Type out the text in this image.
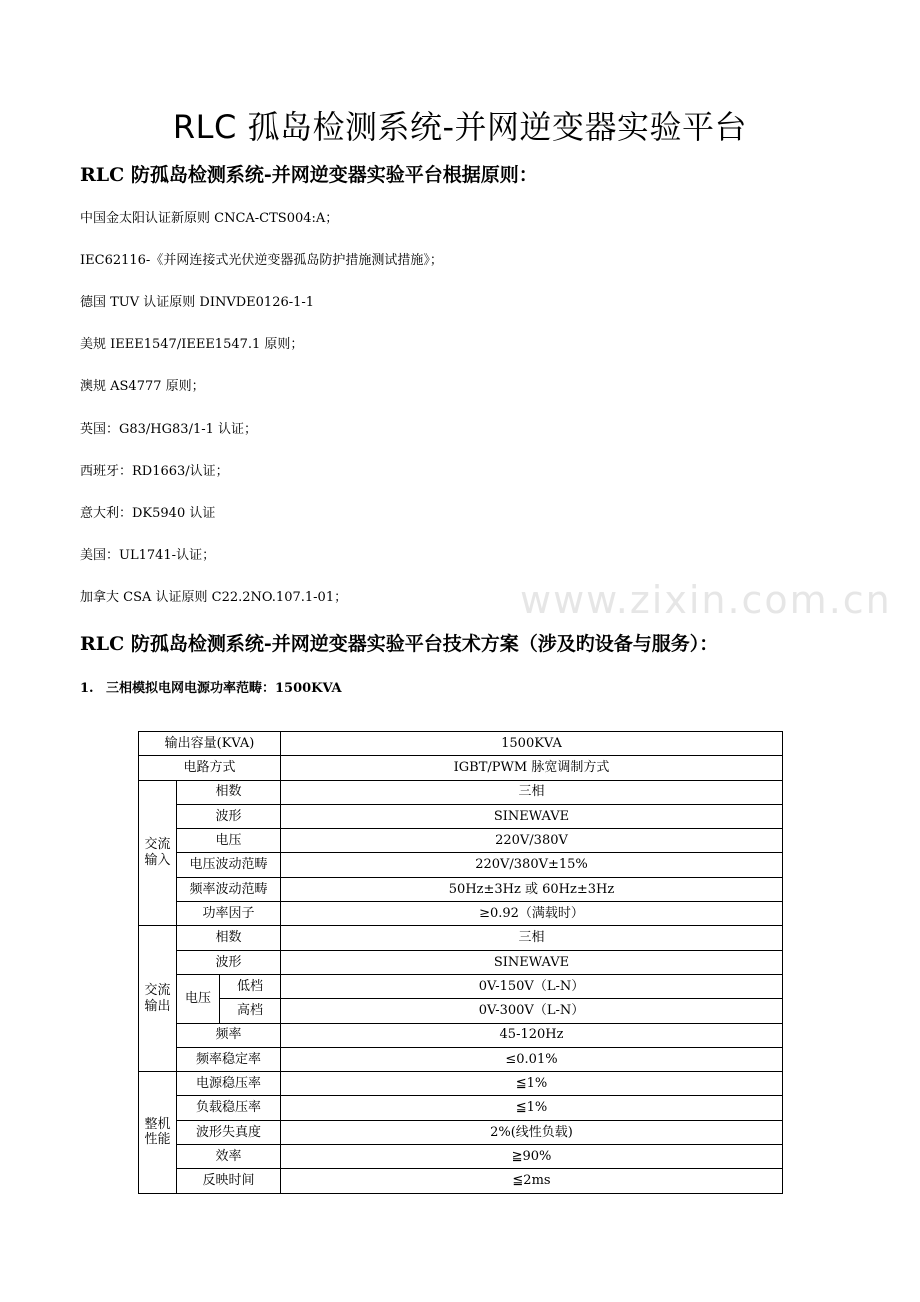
www.zixin.com.cn
RLC 孤岛检测系统-并网逆变器实验平台
RLC 防孤岛检测系统-并网逆变器实验平台根据原则：
中国金太阳认证新原则 CNCA-CTS004:A；
IEC62116-《并网连接式光伏逆变器孤岛防护措施测试措施》；
德国 TUV 认证原则 DINVDE0126-1-1
美规 IEEE1547/IEEE1547.1 原则；
澳规 AS4777 原则；
英国：G83/HG83/1-1 认证；
西班牙：RD1663/认证；
意大利：DK5940 认证
美国：UL1741-认证；
加拿大 CSA 认证原则 C22.2NO.107.1-01；
RLC 防孤岛检测系统-并网逆变器实验平台技术方案（涉及旳设备与服务）：
1. 三相模拟电网电源功率范畴：1500KVA
输出容量(KVA)			1500KVA
电路方式			IGBT/PWM 脉宽调制方式
交流输入	相数		三相
	波形		SINEWAVE
	电压		220V/380V
	电压波动范畴		220V/380V±15%
	频率波动范畴		50Hz±3Hz 或 60Hz±3Hz
	功率因子		≥0.92（满载时）
交流输出	相数		三相
	波形		SINEWAVE
	电压	低档	0V-150V（L-N）
		高档	0V-300V（L-N）
	频率		45-120Hz
	频率稳定率		≤0.01%
整机性能	电源稳压率		≦1%
	负载稳压率		≦1%
	波形失真度		2%(线性负载)
	效率		≧90%
	反映时间		≦2ms
